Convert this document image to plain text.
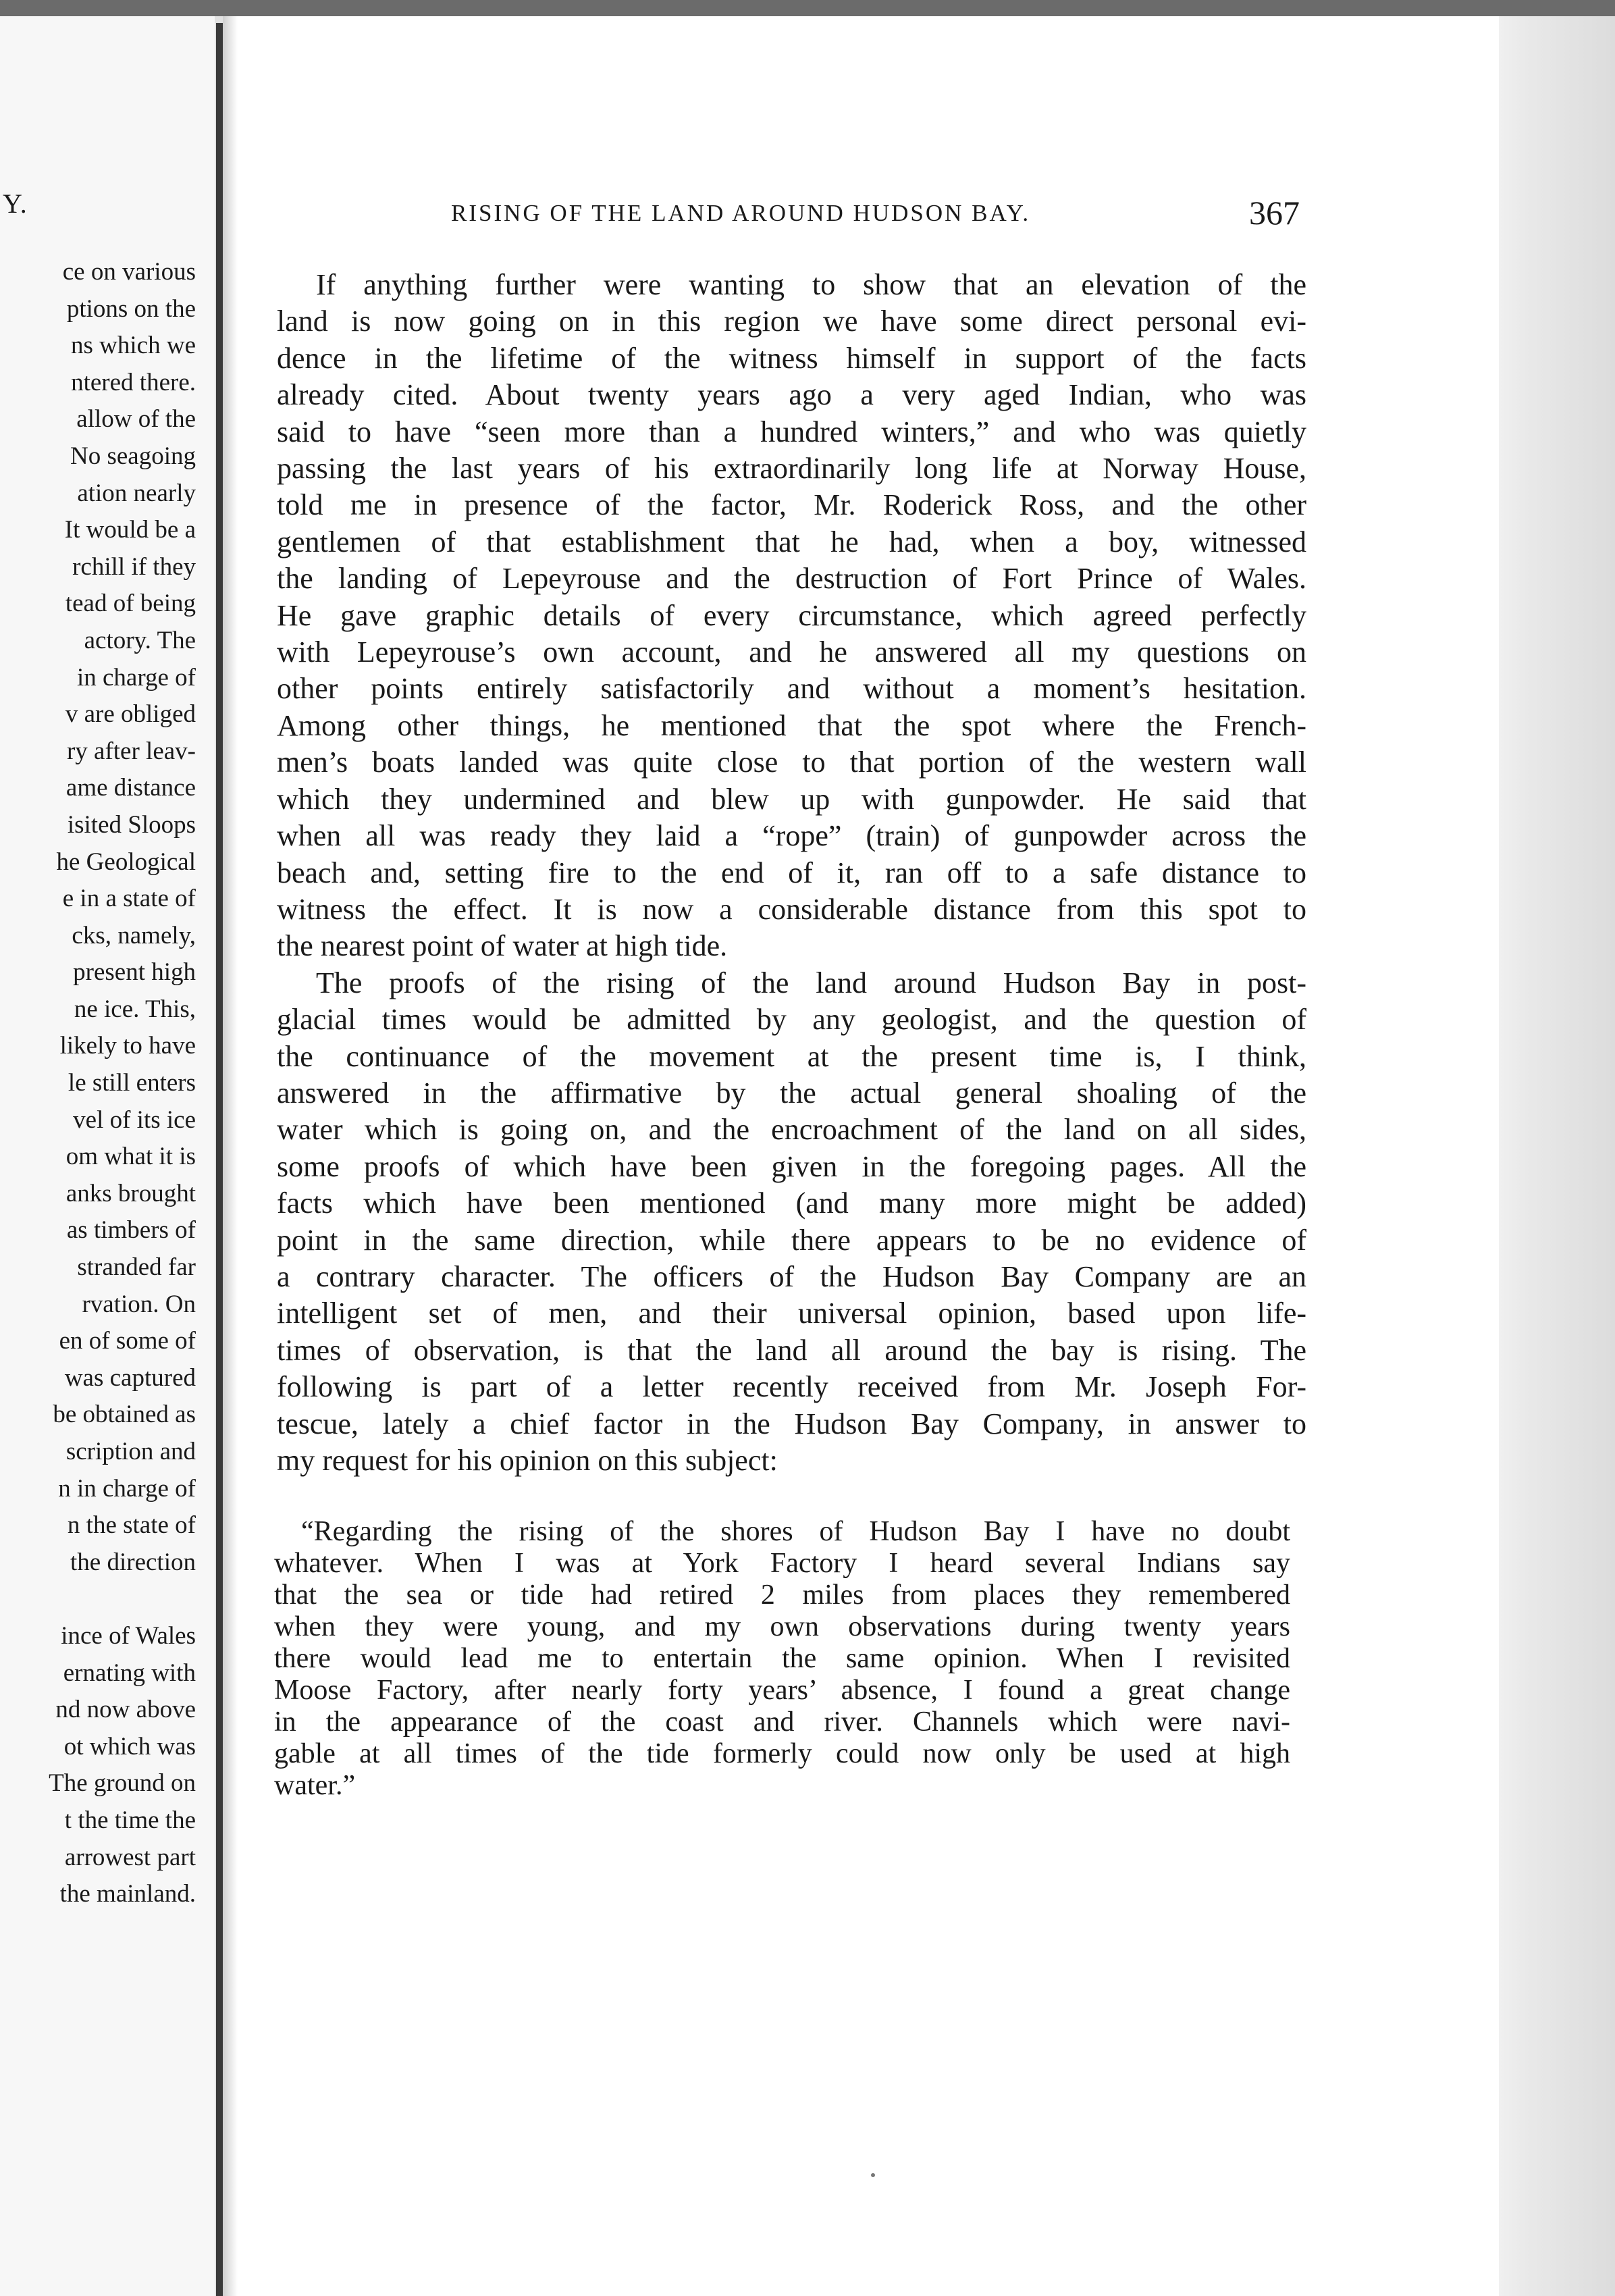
Y.
ce on various
ptions on the
ns which we
ntered there.
allow of the
No seagoing
ation nearly
It would be a
rchill if they
tead of being
actory. The
in charge of
v are obliged
ry after leav-
ame distance
isited Sloops
he Geological
e in a state of
cks, namely,
present high
ne ice. This,
likely to have
le still enters
vel of its ice
om what it is
anks brought
as timbers of
stranded far
rvation. On
en of some of
was captured
be obtained as
scription and
n in charge of
n the state of
the direction
ince of Wales
ernating with
nd now above
ot which was
The ground on
t the time the
arrowest part
the mainland.
RISING OF THE LAND AROUND HUDSON BAY.	367
If anything further were wanting to show that an elevation of the
land is now going on in this region we have some direct personal evi-
dence in the lifetime of the witness himself in support of the facts
already cited. About twenty years ago a very aged Indian, who was
said to have “seen more than a hundred winters,” and who was quietly
passing the last years of his extraordinarily long life at Norway House,
told me in presence of the factor, Mr. Roderick Ross, and the other
gentlemen of that establishment that he had, when a boy, witnessed
the landing of Lepeyrouse and the destruction of Fort Prince of Wales.
He gave graphic details of every circumstance, which agreed perfectly
with Lepeyrouse’s own account, and he answered all my questions on
other points entirely satisfactorily and without a moment’s hesitation.
Among other things, he mentioned that the spot where the French-
men’s boats landed was quite close to that portion of the western wall
which they undermined and blew up with gunpowder. He said that
when all was ready they laid a “rope” (train) of gunpowder across the
beach and, setting fire to the end of it, ran off to a safe distance to
witness the effect. It is now a considerable distance from this spot to
the nearest point of water at high tide.
The proofs of the rising of the land around Hudson Bay in post-
glacial times would be admitted by any geologist, and the question of
the continuance of the movement at the present time is, I think,
answered in the affirmative by the actual general shoaling of the
water which is going on, and the encroachment of the land on all sides,
some proofs of which have been given in the foregoing pages. All the
facts which have been mentioned (and many more might be added)
point in the same direction, while there appears to be no evidence of
a contrary character. The officers of the Hudson Bay Company are an
intelligent set of men, and their universal opinion, based upon life-
times of observation, is that the land all around the bay is rising. The
following is part of a letter recently received from Mr. Joseph For-
tescue, lately a chief factor in the Hudson Bay Company, in answer to
my request for his opinion on this subject:
“Regarding the rising of the shores of Hudson Bay I have no doubt
whatever. When I was at York Factory I heard several Indians say
that the sea or tide had retired 2 miles from places they remembered
when they were young, and my own observations during twenty years
there would lead me to entertain the same opinion. When I revisited
Moose Factory, after nearly forty years’ absence, I found a great change
in the appearance of the coast and river. Channels which were navi-
gable at all times of the tide formerly could now only be used at high
water.”
